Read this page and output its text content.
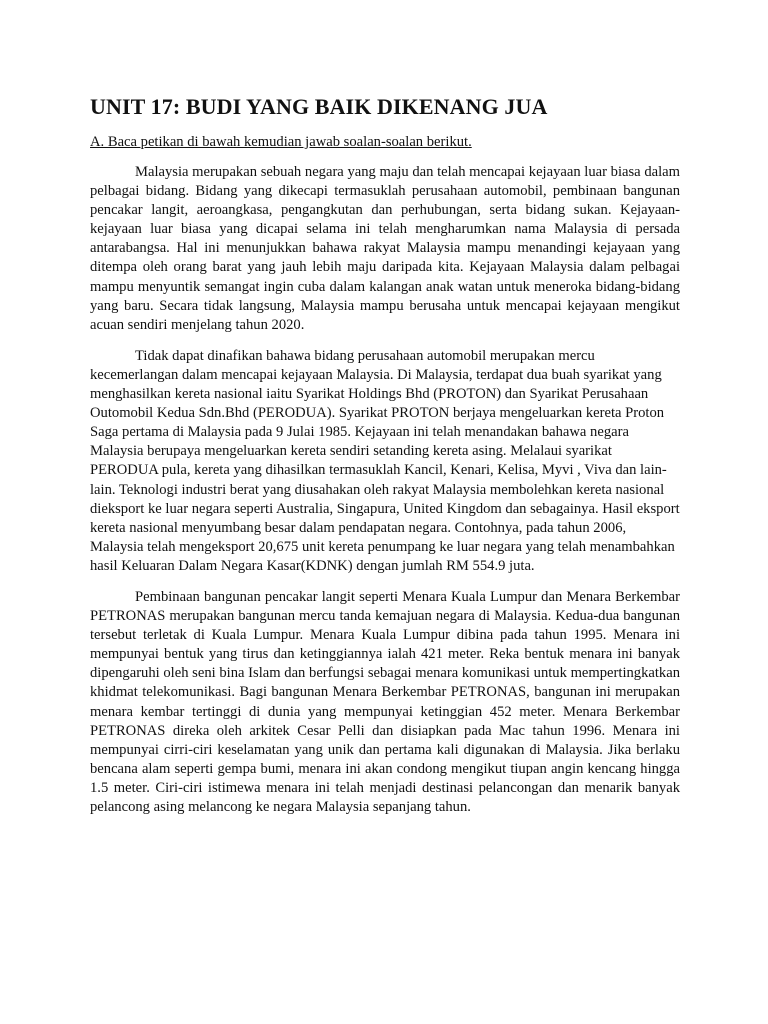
UNIT 17: BUDI YANG BAIK DIKENANG JUA

A. Baca petikan di bawah kemudian jawab soalan-soalan berikut.

Malaysia merupakan sebuah negara yang maju dan telah mencapai kejayaan luar biasa dalam pelbagai bidang. Bidang yang dikecapi termasuklah perusahaan automobil, pembinaan bangunan pencakar langit, aeroangkasa, pengangkutan dan perhubungan, serta bidang sukan. Kejayaan-kejayaan luar biasa yang dicapai selama ini telah mengharumkan nama Malaysia di persada antarabangsa. Hal ini menunjukkan bahawa rakyat Malaysia mampu menandingi kejayaan yang ditempa oleh orang barat yang jauh lebih maju daripada kita. Kejayaan Malaysia dalam pelbagai mampu menyuntik semangat ingin cuba dalam kalangan anak watan untuk meneroka bidang-bidang yang baru. Secara tidak langsung, Malaysia mampu berusaha untuk mencapai kejayaan mengikut acuan sendiri menjelang tahun 2020.

Tidak dapat dinafikan bahawa bidang perusahaan automobil merupakan mercu kecemerlangan dalam mencapai kejayaan Malaysia. Di Malaysia, terdapat dua buah syarikat yang menghasilkan kereta nasional iaitu Syarikat Holdings Bhd (PROTON) dan Syarikat Perusahaan Outomobil Kedua Sdn.Bhd (PERODUA). Syarikat PROTON berjaya mengeluarkan kereta Proton Saga pertama di Malaysia pada 9 Julai 1985. Kejayaan ini telah menandakan bahawa negara Malaysia berupaya mengeluarkan kereta sendiri setanding kereta asing. Melalaui syarikat PERODUA pula, kereta yang dihasilkan termasuklah Kancil, Kenari, Kelisa, Myvi , Viva dan lain-lain. Teknologi industri berat yang diusahakan oleh rakyat Malaysia membolehkan kereta nasional dieksport ke luar negara seperti Australia, Singapura, United Kingdom dan sebagainya. Hasil eksport kereta nasional menyumbang besar dalam pendapatan negara. Contohnya, pada tahun 2006, Malaysia telah mengeksport 20,675 unit kereta penumpang ke luar negara yang telah menambahkan hasil Keluaran Dalam Negara Kasar(KDNK) dengan jumlah RM 554.9 juta.

Pembinaan bangunan pencakar langit seperti Menara Kuala Lumpur dan Menara Berkembar PETRONAS merupakan bangunan mercu tanda kemajuan negara di Malaysia. Kedua-dua bangunan tersebut terletak di Kuala Lumpur. Menara Kuala Lumpur dibina pada tahun 1995. Menara ini mempunyai bentuk yang tirus dan ketinggiannya ialah 421 meter. Reka bentuk menara ini banyak dipengaruhi oleh seni bina Islam dan berfungsi sebagai menara komunikasi untuk mempertingkatkan khidmat telekomunikasi. Bagi bangunan Menara Berkembar PETRONAS, bangunan ini merupakan menara kembar tertinggi di dunia yang mempunyai ketinggian 452 meter. Menara Berkembar PETRONAS direka oleh arkitek Cesar Pelli dan disiapkan pada Mac tahun 1996. Menara ini mempunyai cirri-ciri keselamatan yang unik dan pertama kali digunakan di Malaysia. Jika berlaku bencana alam seperti gempa bumi, menara ini akan condong mengikut tiupan angin kencang hingga 1.5 meter. Ciri-ciri istimewa menara ini telah menjadi destinasi pelancongan dan menarik banyak pelancong asing melancong ke negara Malaysia sepanjang tahun.
